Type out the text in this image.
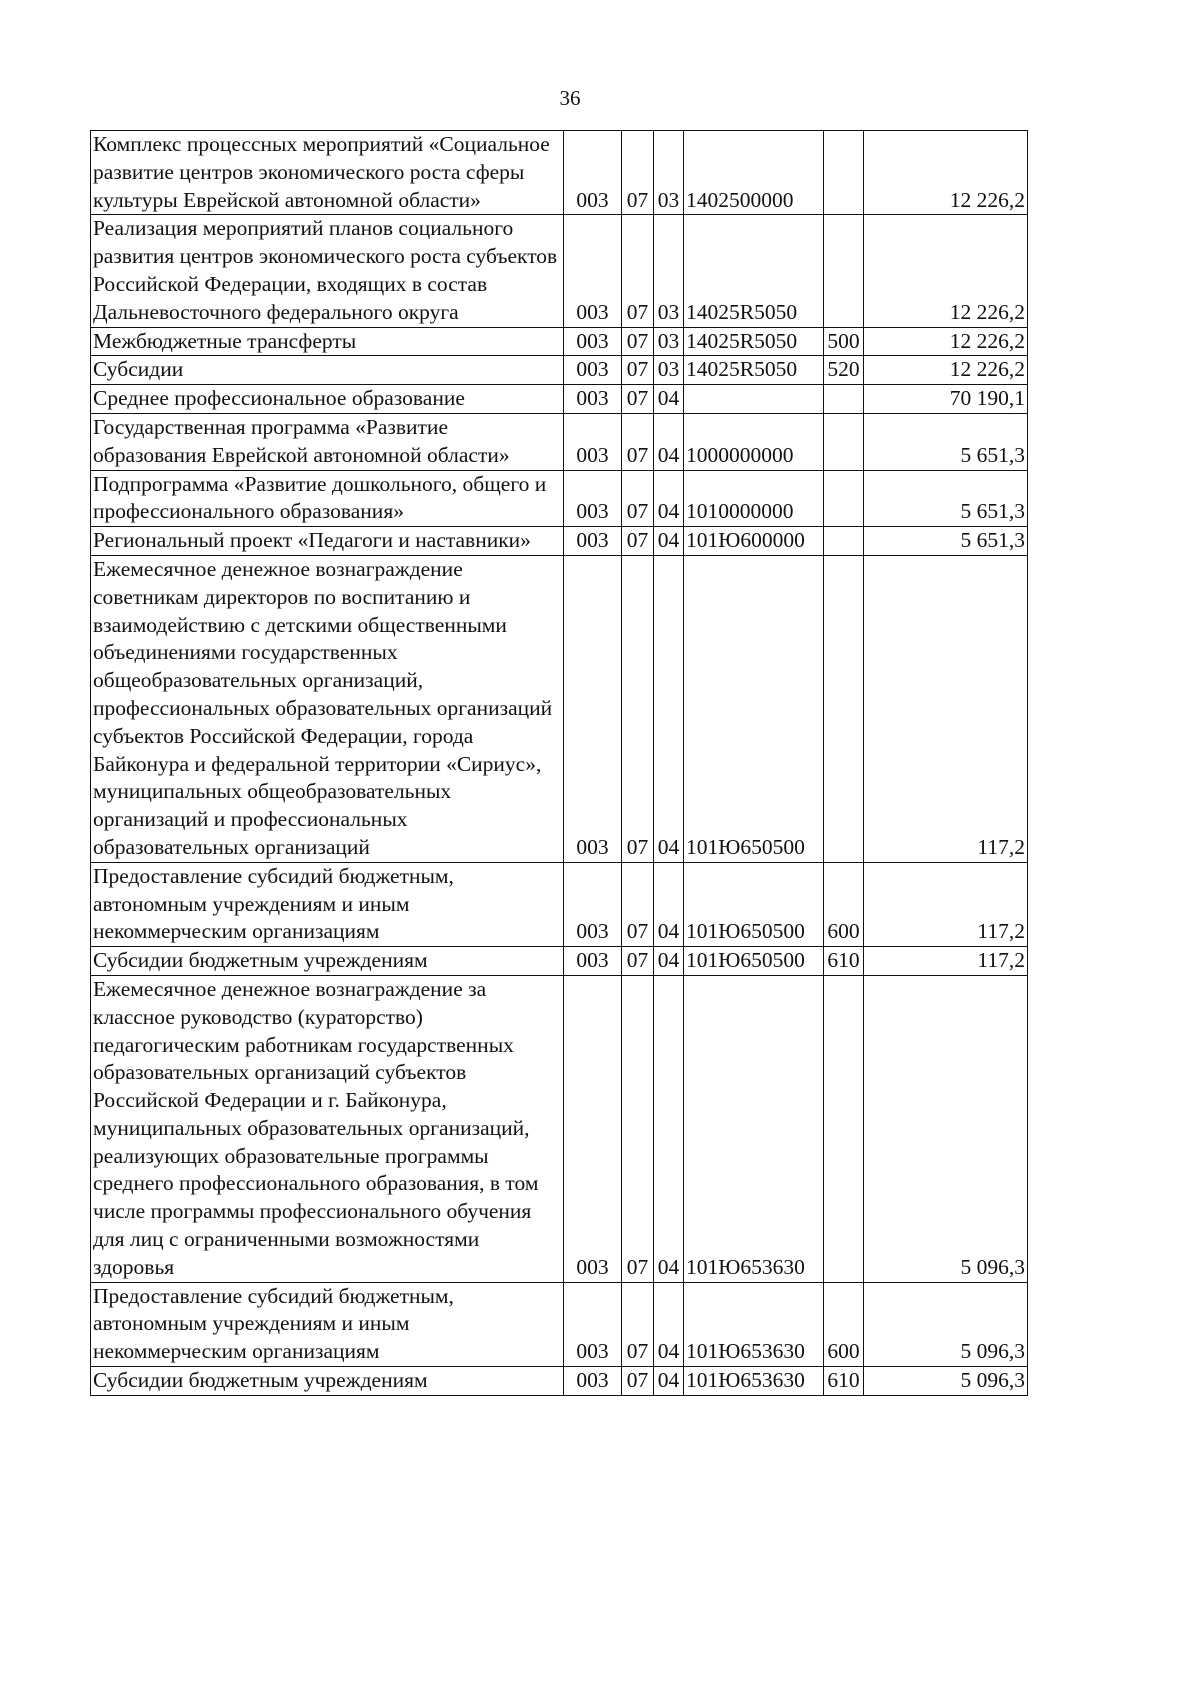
36
Комплекс процессных мероприятий «Социальное развитие центров экономического роста сферы культуры Еврейской автономной области»	003	07	03	1402500000		12 226,2
Реализация мероприятий планов социального развития центров экономического роста субъектов Российской Федерации, входящих в состав Дальневосточного федерального округа	003	07	03	14025R5050		12 226,2
Межбюджетные трансферты	003	07	03	14025R5050	500	12 226,2
Субсидии	003	07	03	14025R5050	520	12 226,2
Среднее профессиональное образование	003	07	04			70 190,1
Государственная программа «Развитие образования Еврейской автономной области»	003	07	04	1000000000		5 651,3
Подпрограмма «Развитие дошкольного, общего и профессионального образования»	003	07	04	1010000000		5 651,3
Региональный проект «Педагоги и наставники»	003	07	04	101Ю600000		5 651,3
Ежемесячное денежное вознаграждение советникам директоров по воспитанию и взаимодействию с детскими общественными объединениями государственных общеобразовательных организаций, профессиональных образовательных организаций субъектов Российской Федерации, города Байконура и федеральной территории «Сириус», муниципальных общеобразовательных организаций и профессиональных образовательных организаций	003	07	04	101Ю650500		117,2
Предоставление субсидий бюджетным, автономным учреждениям и иным некоммерческим организациям	003	07	04	101Ю650500	600	117,2
Субсидии бюджетным учреждениям	003	07	04	101Ю650500	610	117,2
Ежемесячное денежное вознаграждение за классное руководство (кураторство) педагогическим работникам государственных образовательных организаций субъектов Российской Федерации и г. Байконура, муниципальных образовательных организаций, реализующих образовательные программы среднего профессионального образования, в том числе программы профессионального обучения для лиц с ограниченными возможностями здоровья	003	07	04	101Ю653630		5 096,3
Предоставление субсидий бюджетным, автономным учреждениям и иным некоммерческим организациям	003	07	04	101Ю653630	600	5 096,3
Субсидии бюджетным учреждениям	003	07	04	101Ю653630	610	5 096,3
